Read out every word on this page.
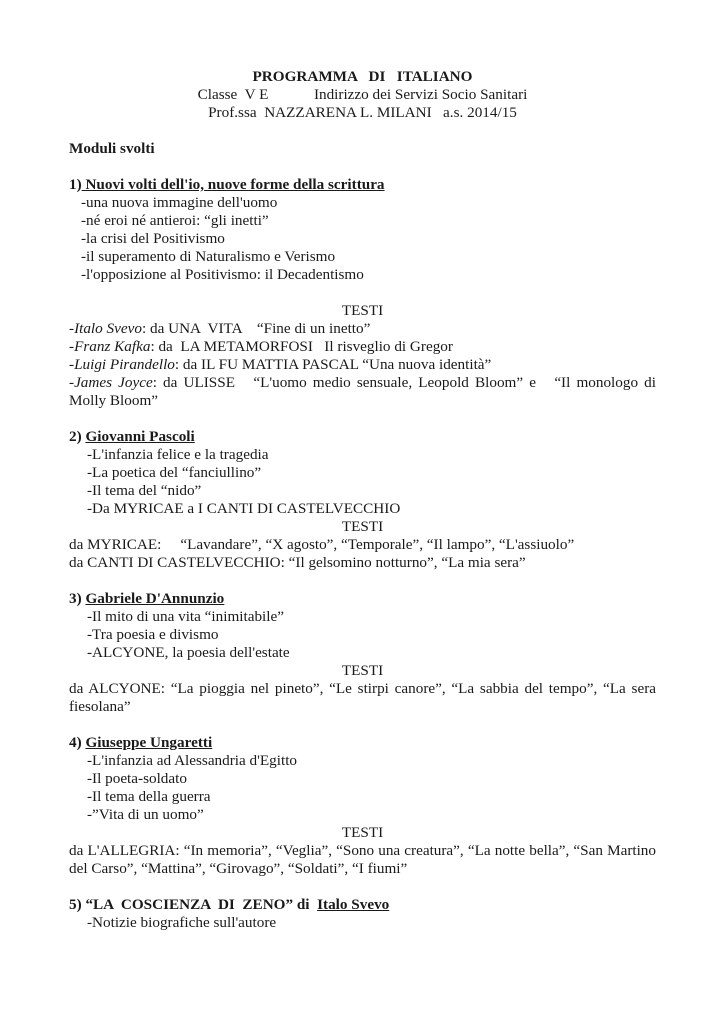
PROGRAMMA   DI   ITALIANO
Classe  V E            Indirizzo dei Servizi Socio Sanitari
Prof.ssa  NAZZARENA L. MILANI   a.s. 2014/15
Moduli svolti
1) Nuovi volti dell'io, nuove forme della scrittura
-una nuova immagine dell'uomo
-né eroi né antieroi: “gli inetti”
-la crisi del Positivismo
-il superamento di Naturalismo e Verismo
-l'opposizione al Positivismo: il Decadentismo
TESTI
-Italo Svevo: da UNA  VITA    “Fine di un inetto”
-Franz Kafka: da  LA METAMORFOSI   Il risveglio di Gregor
-Luigi Pirandello: da IL FU MATTIA PASCAL “Una nuova identità”
-James Joyce: da ULISSE   “L'uomo medio sensuale, Leopold Bloom” e   “Il monologo di Molly Bloom”
2) Giovanni Pascoli
-L'infanzia felice e la tragedia
-La poetica del “fanciullino”
-Il tema del “nido”
-Da MYRICAE a I CANTI DI CASTELVECCHIO
TESTI
da MYRICAE:     “Lavandare”, “X agosto”, “Temporale”, “Il lampo”, “L'assiuolo”
da CANTI DI CASTELVECCHIO: “Il gelsomino notturno”, “La mia sera”
3) Gabriele D'Annunzio
-Il mito di una vita “inimitabile”
-Tra poesia e divismo
-ALCYONE, la poesia dell'estate
TESTI
da ALCYONE: “La pioggia nel pineto”, “Le stirpi canore”, “La sabbia del tempo”, “La sera fiesolana”
4) Giuseppe Ungaretti
-L'infanzia ad Alessandria d'Egitto
-Il poeta-soldato
-Il tema della guerra
-”Vita di un uomo”
TESTI
da L'ALLEGRIA: “In memoria”, “Veglia”, “Sono una creatura”, “La notte bella”, “San Martino del Carso”, “Mattina”, “Girovago”, “Soldati”, “I fiumi”
5) “LA  COSCIENZA  DI  ZENO” di  Italo Svevo
-Notizie biografiche sull'autore
